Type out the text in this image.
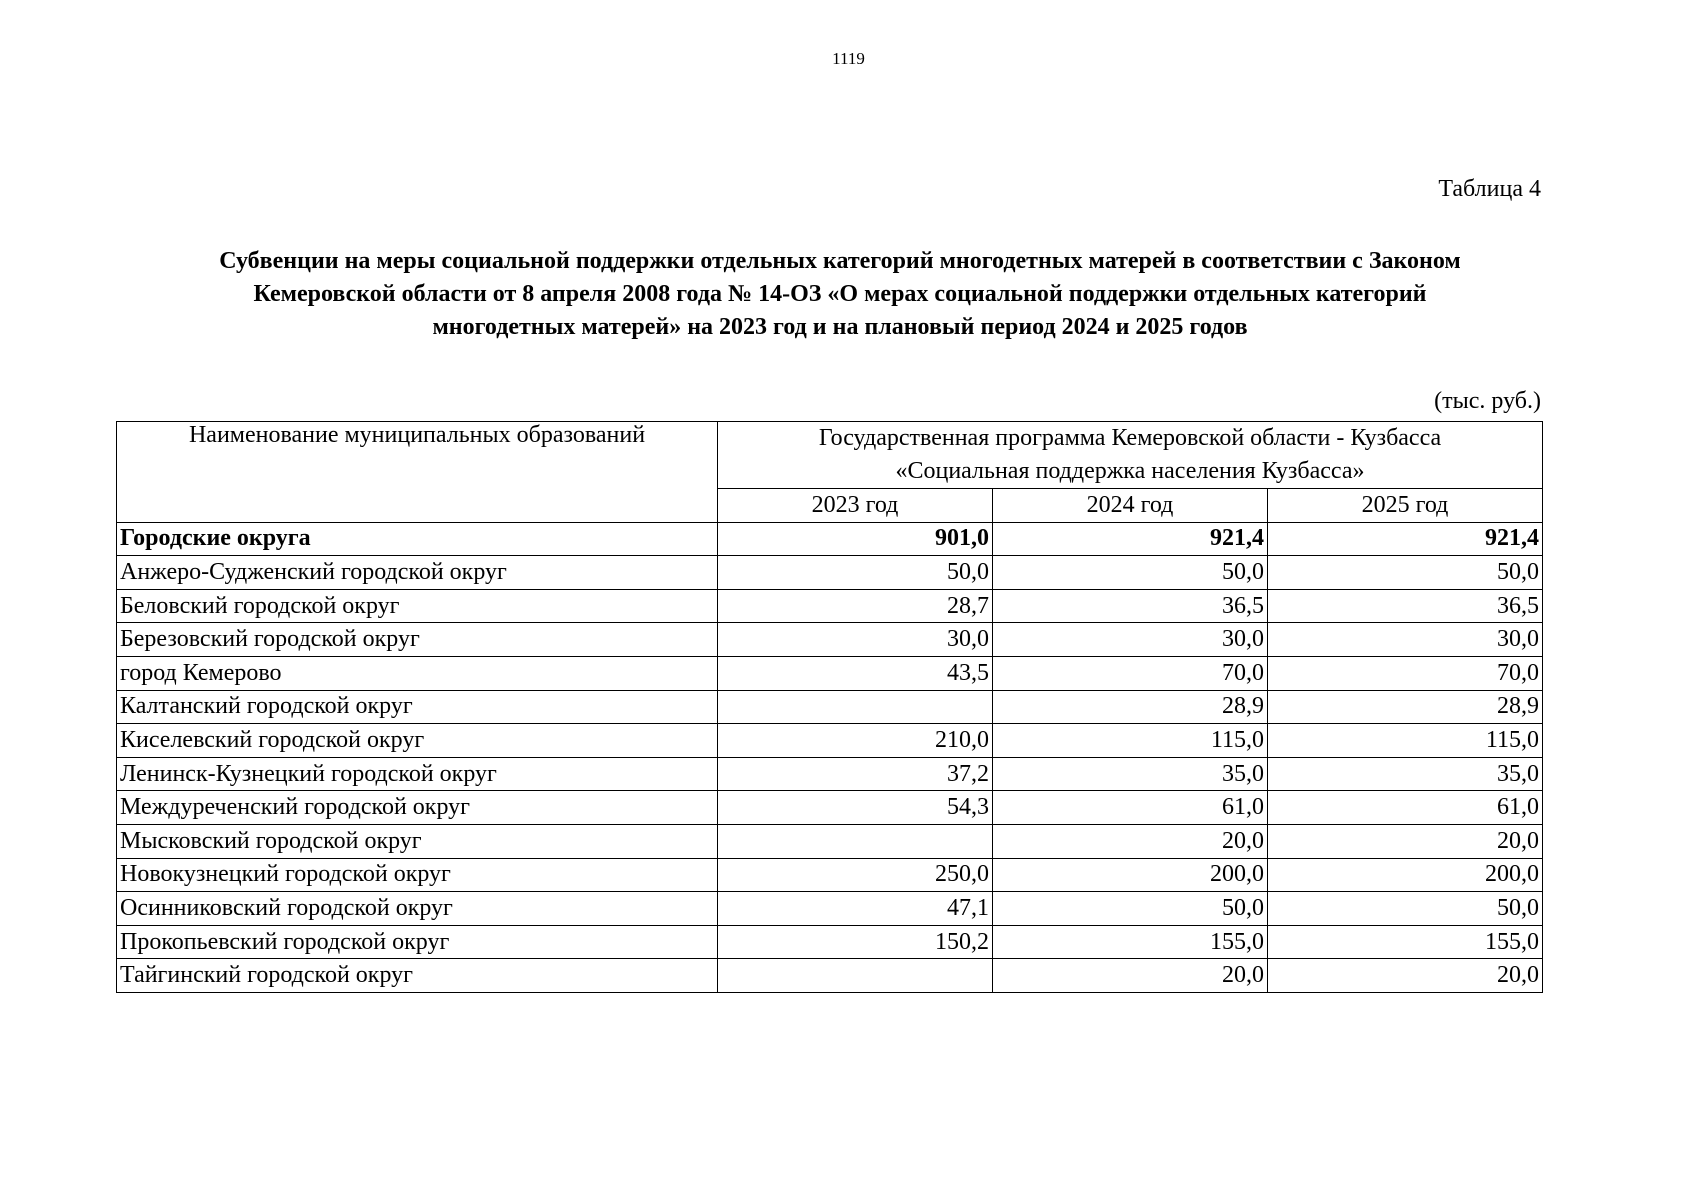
1119
Таблица 4
Субвенции на меры социальной поддержки отдельных категорий многодетных матерей в соответствии с Законом
Кемеровской области от 8 апреля 2008 года № 14-ОЗ «О мерах социальной поддержки отдельных категорий
многодетных матерей» на 2023 год и на плановый период 2024 и 2025 годов
(тыс. руб.)
Наименование муниципальных образований	Государственная программа Кемеровской области - Кузбасса
«Социальная поддержка населения Кузбасса»		

	2023 год	2024 год	2025 год
Городские округа	901,0	921,4	921,4
Анжеро-Судженский городской округ	50,0	50,0	50,0
Беловский городской округ	28,7	36,5	36,5
Березовский городской округ	30,0	30,0	30,0
город Кемерово	43,5	70,0	70,0
Калтанский городской округ		28,9	28,9
Киселевский городской округ	210,0	115,0	115,0
Ленинск-Кузнецкий городской округ	37,2	35,0	35,0
Междуреченский городской округ	54,3	61,0	61,0
Мысковский городской округ		20,0	20,0
Новокузнецкий городской округ	250,0	200,0	200,0
Осинниковский городской округ	47,1	50,0	50,0
Прокопьевский городской округ	150,2	155,0	155,0
Тайгинский городской округ		20,0	20,0
